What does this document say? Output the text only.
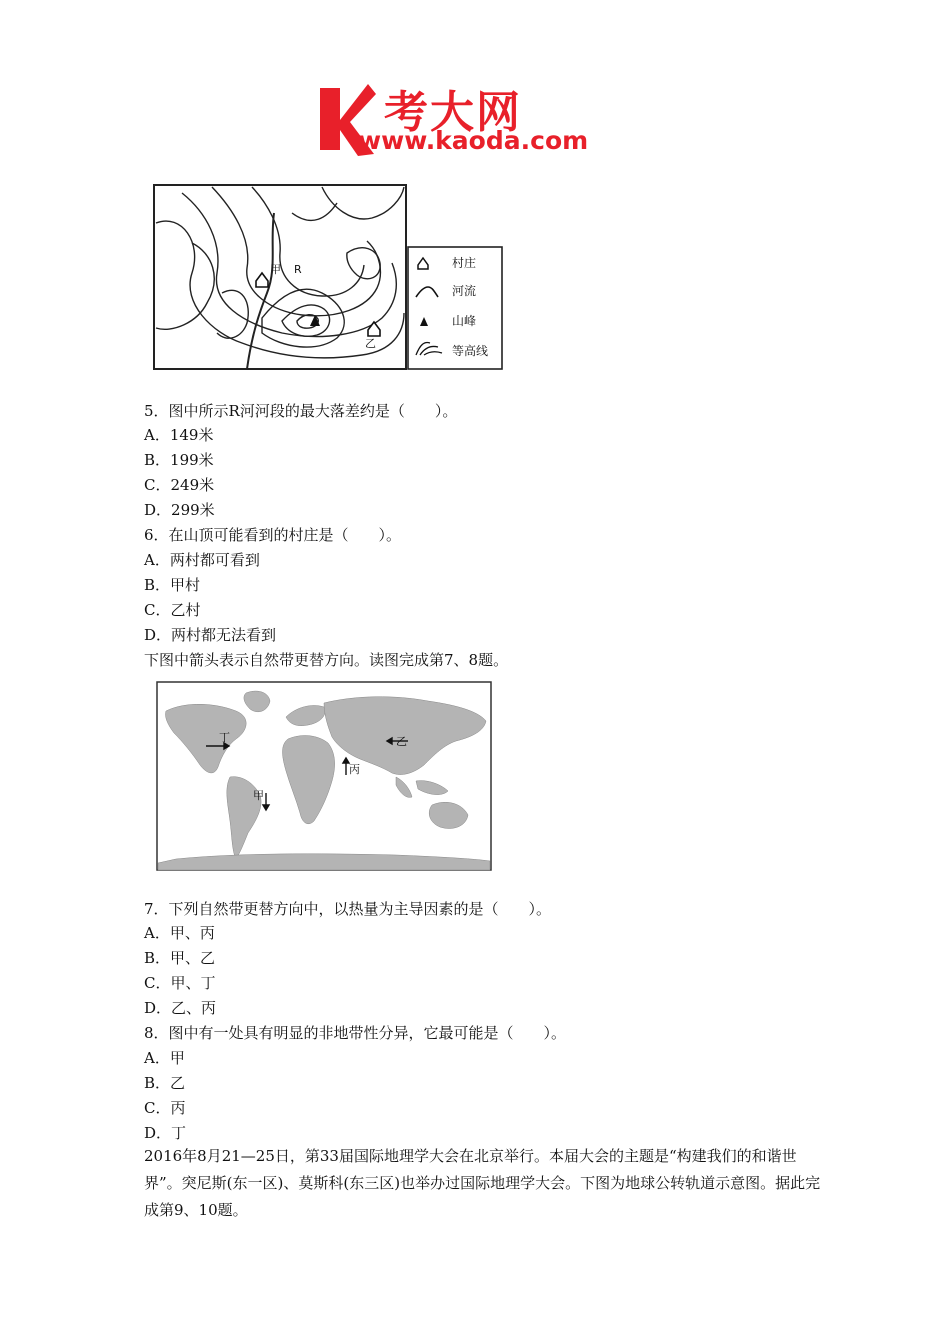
考大网
www.kaoda.com
甲 R
乙
村庄
河流
山峰
等高线

5．图中所示R河河段的最大落差约是（　　）。

A．149米

B．199米

C．249米

D．299米

6．在山顶可能看到的村庄是（　　）。

A．两村都可看到

B．甲村

C．乙村

D．两村都无法看到

下图中箭头表示自然带更替方向。读图完成第7、8题。

丁	乙
丙
甲

7．下列自然带更替方向中，以热量为主导因素的是（　　）。

A．甲、丙

B．甲、乙

C．甲、丁

D．乙、丙

8．图中有一处具有明显的非地带性分异，它最可能是（　　）。

A．甲

B．乙

C．丙

D．丁

2016年8月21—25日，第33届国际地理学大会在北京举行。本届大会的主题是“构建我们的和谐世界”。突尼斯(东一区)、莫斯科(东三区)也举办过国际地理学大会。下图为地球公转轨道示意图。据此完成第9、10题。
